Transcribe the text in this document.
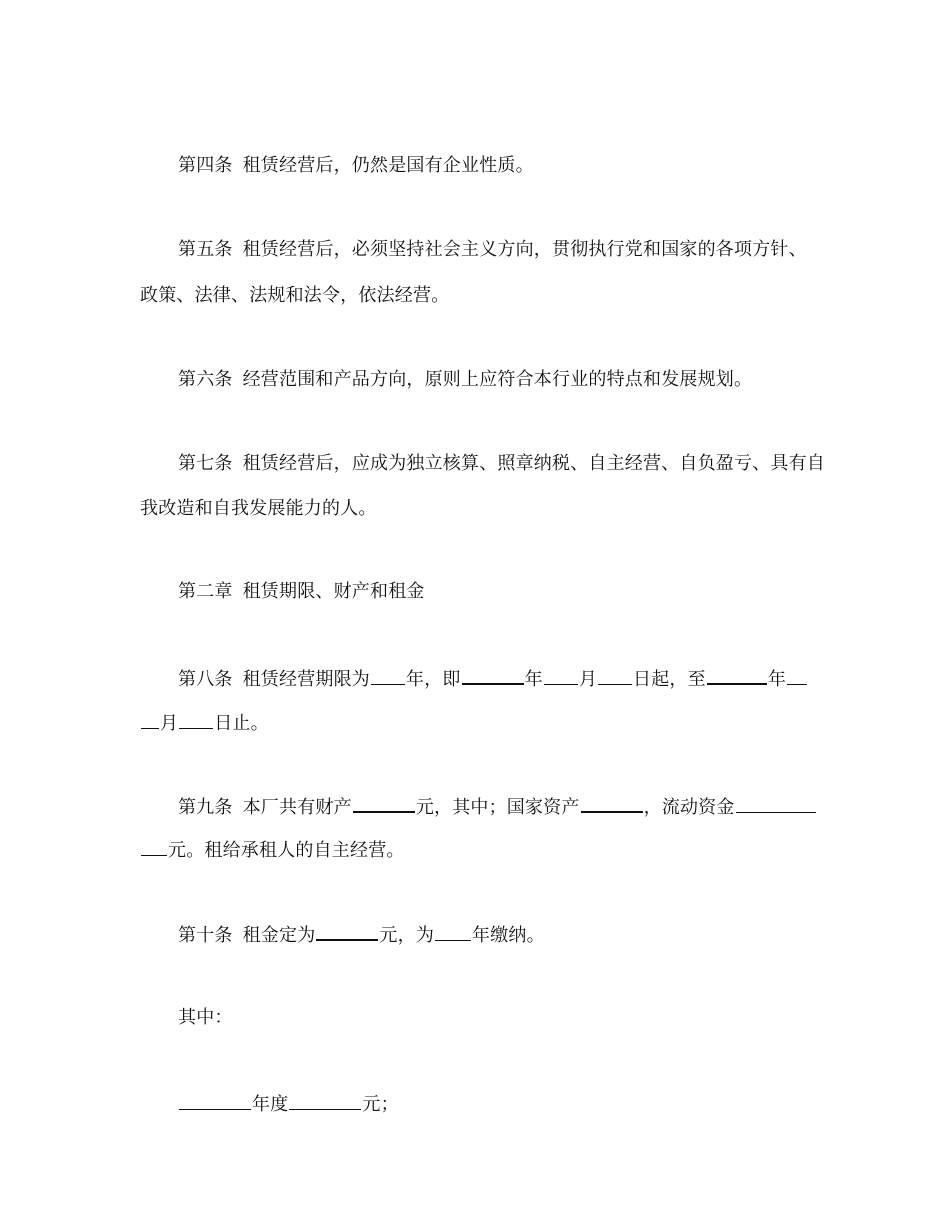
第四条 租赁经营后，仍然是国有企业性质。
第五条 租赁经营后，必须坚持社会主义方向，贯彻执行党和国家的各项方针、
政策、法律、法规和法令，依法经营。
第六条 经营范围和产品方向，原则上应符合本行业的特点和发展规划。
第七条 租赁经营后，应成为独立核算、照章纳税、自主经营、自负盈亏、具有自
我改造和自我发展能力的人。
第二章 租赁期限、财产和租金
第八条 租赁经营期限为 年，即	年 月 日起，至	年
月 日止。
第九条 本厂共有财产	元，其中；国家资产	，流动资金
元。租给承租人的自主经营。
第十条 租金定为	元，为 年缴纳。
其中：
年度	元；
